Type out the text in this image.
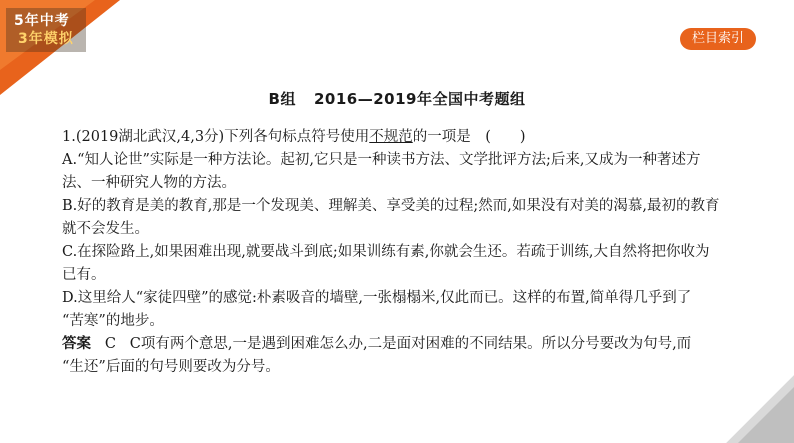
5年中考
3年模拟	栏目索引
B组 2016—2019年全国中考题组

1.(2019湖北武汉,4,3分)下列各句标点符号使用不规范的一项是　(　　)

A.“知人论世”实际是一种方法论。起初,它只是一种读书方法、文学批评方法;后来,又成为一种著述方

法、一种研究人物的方法。

B.好的教育是美的教育,那是一个发现美、理解美、享受美的过程;然而,如果没有对美的渴慕,最初的教育

就不会发生。

C.在探险路上,如果困难出现,就要战斗到底;如果训练有素,你就会生还。若疏于训练,大自然将把你收为

已有。

D.这里给人“家徒四壁”的感觉:朴素吸音的墙壁,一张榻榻米,仅此而已。这样的布置,简单得几乎到了

“苦寒”的地步。

答案 C C项有两个意思,一是遇到困难怎么办,二是面对困难的不同结果。所以分号要改为句号,而

“生还”后面的句号则要改为分号。
